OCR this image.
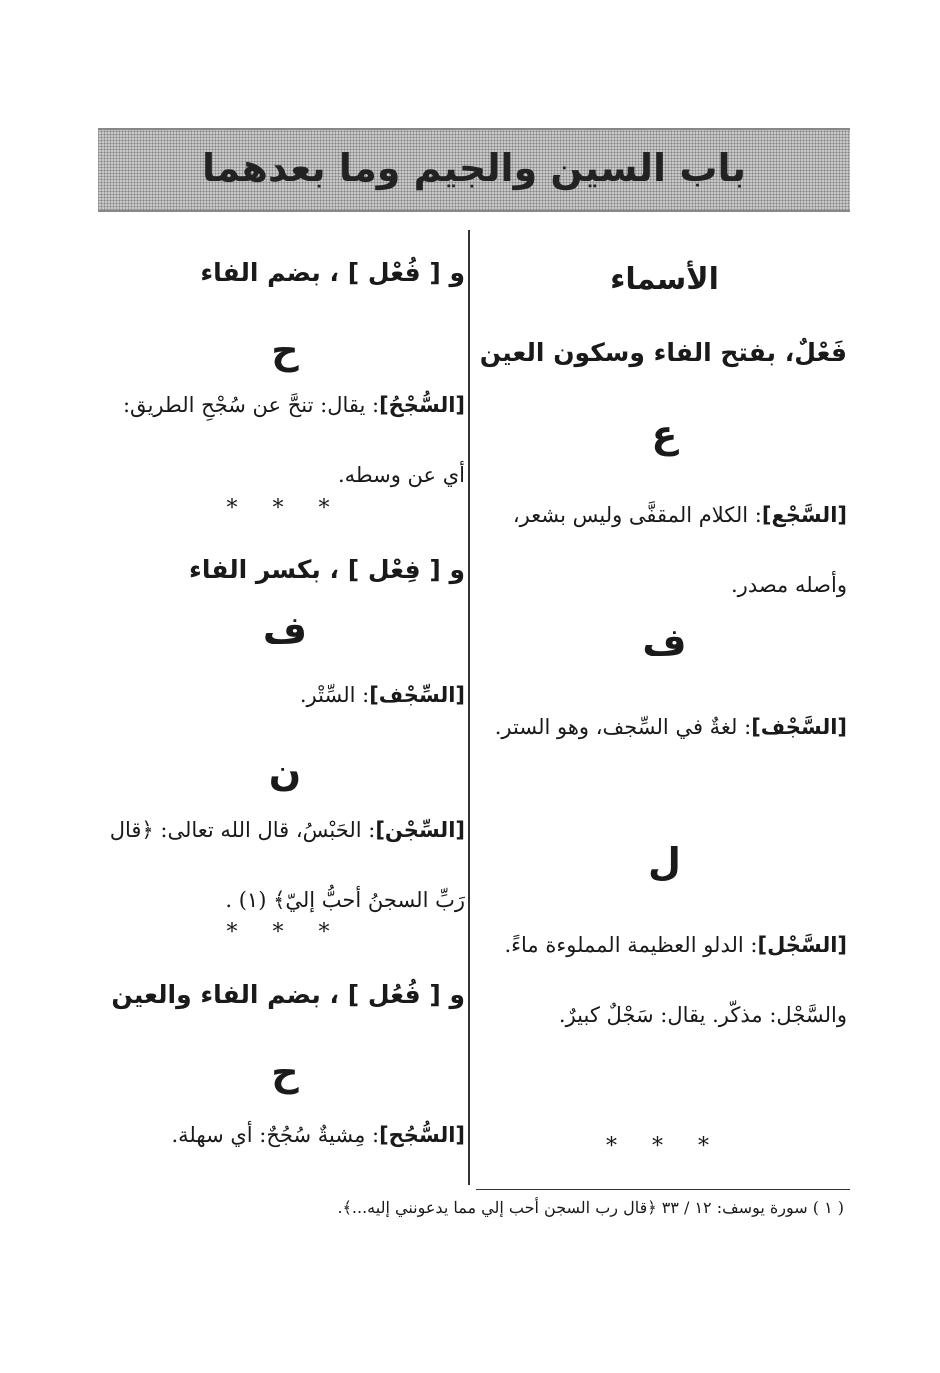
باب السين والجيم وما بعدهما
الأسماء
فَعْلٌ، بفتح الفاء وسكون العين
ع
[السَّجْع]: الكلام المقفَّى وليس بشعر، وأصله مصدر.
ف
[السَّجْف]: لغةٌ في السِّجف، وهو الستر.
ل
[السَّجْل]: الدلو العظيمة المملوءة ماءً. والسَّجْل: مذكّر. يقال: سَجْلٌ كبيرٌ.
* * *
و [ فُعْل ] ، بضم الفاء
ح
[السُّجْحُ]: يقال: تنحَّ عن سُجْحِ الطريق: أي عن وسطه.
* * *
و [ فِعْل ] ، بكسر الفاء
ف
[السِّجْف]: السِّتْر.
ن
[السِّجْن]: الحَبْسُ، قال الله تعالى: ﴿قال رَبِّ السجنُ أحبُّ إليّ﴾ (١) .
* * *
و [ فُعُل ] ، بضم الفاء والعين
ح
[السُّجُح]: مِشيةٌ سُجُحٌ: أي سهلة.
( ١ ) سورة يوسف: ١٢ / ٣٣ ﴿قال رب السجن أحب إلي مما يدعونني إليه...﴾.
